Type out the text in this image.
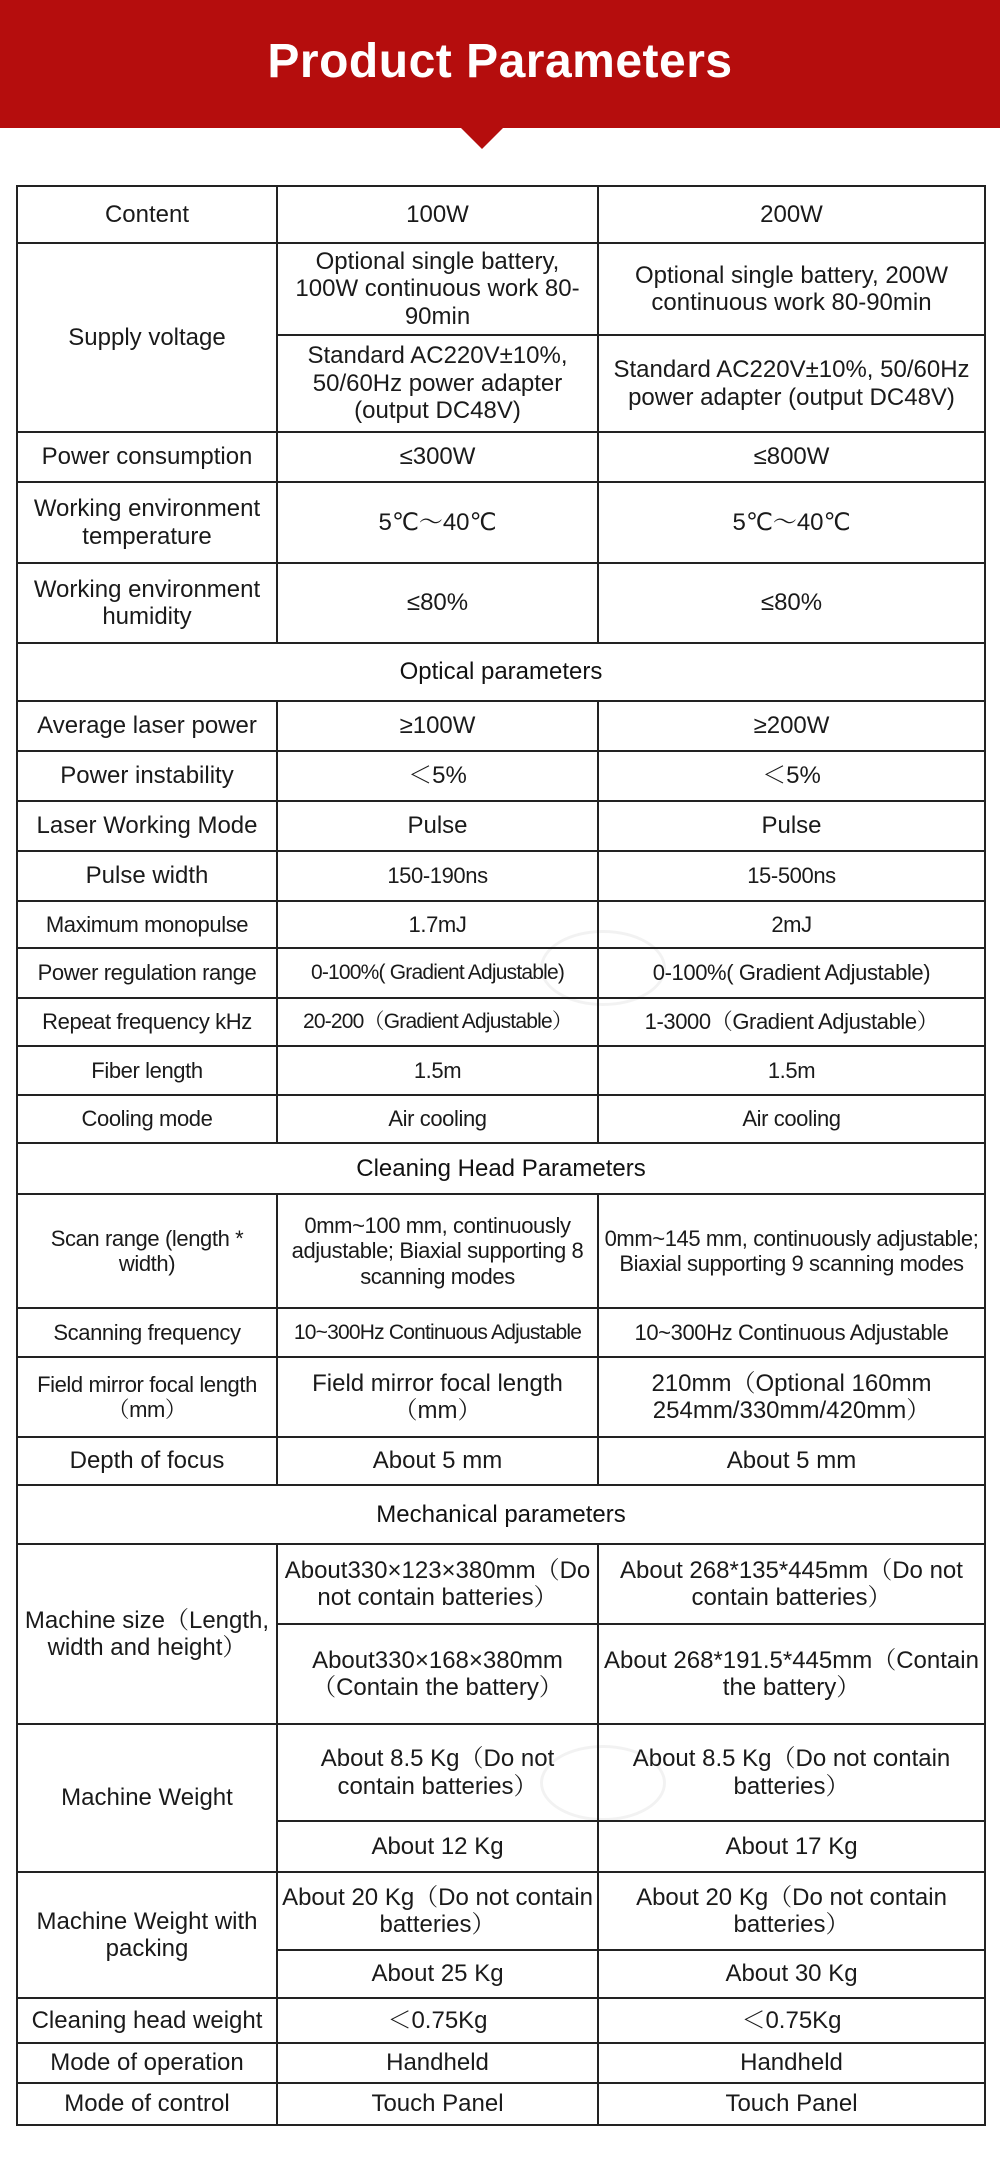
Product Parameters
Content	100W	200W
Supply voltage	Optional single battery, 100W continuous work 80-90min	Optional single battery, 200W continuous work 80-90min
	Standard AC220V±10%, 50/60Hz power adapter (output DC48V)	Standard AC220V±10%, 50/60Hz power adapter (output DC48V)
Power consumption	≤300W	≤800W
Working environment temperature	5℃～40℃	5℃～40℃
Working environment humidity	≤80%	≤80%
Optical parameters		
Average laser power	≥100W	≥200W
Power instability	＜5%	＜5%
Laser Working Mode	Pulse	Pulse
Pulse width	150-190ns	15-500ns
Maximum monopulse	1.7mJ	2mJ
Power regulation range	0-100%( Gradient Adjustable)	0-100%( Gradient Adjustable)
Repeat frequency kHz	20-200（Gradient Adjustable）	1-3000（Gradient Adjustable）
Fiber length	1.5m	1.5m
Cooling mode	Air cooling	Air cooling
Cleaning Head Parameters		
Scan range (length * width)	0mm~100 mm, continuously adjustable; Biaxial supporting 8 scanning modes	0mm~145 mm, continuously adjustable; Biaxial supporting 9 scanning modes
Scanning frequency	10~300Hz Continuous Adjustable	10~300Hz Continuous Adjustable
Field mirror focal length（mm）	Field mirror focal length（mm）	210mm（Optional 160mm 254mm/330mm/420mm）
Depth of focus	About 5 mm	About 5 mm
Mechanical parameters		
Machine size（Length, width and height）	About330×123×380mm（Do not contain batteries）	About 268*135*445mm（Do not contain batteries）
	About330×168×380mm（Contain the battery）	About 268*191.5*445mm（Contain the battery）
Machine Weight	About 8.5 Kg（Do not contain batteries）	About 8.5 Kg（Do not contain batteries）
	About 12 Kg	About 17 Kg
Machine Weight with packing	About 20 Kg（Do not contain batteries）	About 20 Kg（Do not contain batteries）
	About 25 Kg	About 30 Kg
Cleaning head weight	＜0.75Kg	＜0.75Kg
Mode of operation	Handheld	Handheld
Mode of control	Touch Panel	Touch Panel
